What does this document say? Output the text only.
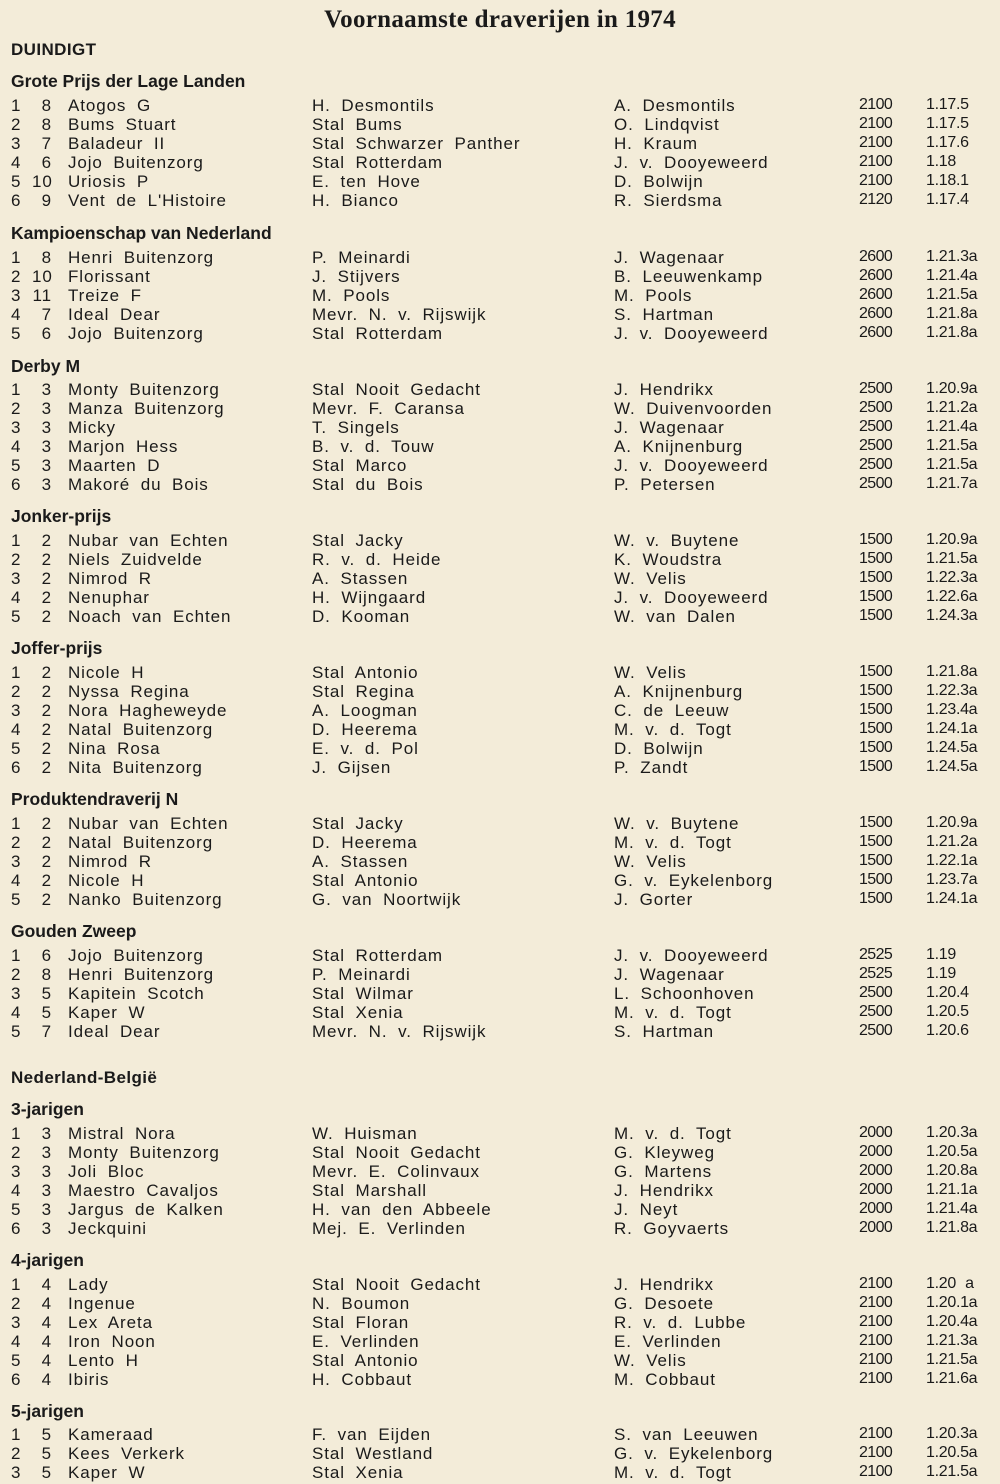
Voornaamste draverijen in 1974
DUINDIGT
Nederland-België
Grote Prijs der Lage Landen
1	8 Atogos G	H. Desmontils	A. Desmontils	2100 1.17.5
2	8 Bums Stuart	Stal Bums	O. Lindqvist	2100 1.17.5
3	7 Baladeur II	Stal Schwarzer Panther	H. Kraum	2100 1.17.6
4	6 Jojo Buitenzorg	Stal Rotterdam	J. v. Dooyeweerd	2100 1.18
5 10 Uriosis P	E. ten Hove	D. Bolwijn	2100 1.18.1
6	9 Vent de L'Histoire	H. Bianco	R. Sierdsma	2120 1.17.4
Kampioenschap van Nederland
1	8 Henri Buitenzorg	P. Meinardi	J. Wagenaar	2600 1.21.3a
2 10 Florissant	J. Stijvers	B. Leeuwenkamp	2600 1.21.4a
3 11 Treize F	M. Pools	M. Pools	2600 1.21.5a
4	7 Ideal Dear	Mevr. N. v. Rijswijk	S. Hartman	2600 1.21.8a
5	6 Jojo Buitenzorg	Stal Rotterdam	J. v. Dooyeweerd	2600 1.21.8a
Derby M
1	3 Monty Buitenzorg	Stal Nooit Gedacht	J. Hendrikx	2500 1.20.9a
2	3 Manza Buitenzorg	Mevr. F. Caransa	W. Duivenvoorden	2500 1.21.2a
3	3 Micky	T. Singels	J. Wagenaar	2500 1.21.4a
4	3 Marjon Hess	B. v. d. Touw	A. Knijnenburg	2500 1.21.5a
5	3 Maarten D	Stal Marco	J. v. Dooyeweerd	2500 1.21.5a
6	3 Makoré du Bois	Stal du Bois	P. Petersen	2500 1.21.7a
Jonker-prijs
1	2 Nubar van Echten	Stal Jacky	W. v. Buytene	1500 1.20.9a
2	2 Niels Zuidvelde	R. v. d. Heide	K. Woudstra	1500 1.21.5a
3	2 Nimrod R	A. Stassen	W. Velis	1500 1.22.3a
4	2 Nenuphar	H. Wijngaard	J. v. Dooyeweerd	1500 1.22.6a
5	2 Noach van Echten	D. Kooman	W. van Dalen	1500 1.24.3a
Joffer-prijs
1	2 Nicole H	Stal Antonio	W. Velis	1500 1.21.8a
2	2 Nyssa Regina	Stal Regina	A. Knijnenburg	1500 1.22.3a
3	2 Nora Hagheweyde	A. Loogman	C. de Leeuw	1500 1.23.4a
4	2 Natal Buitenzorg	D. Heerema	M. v. d. Togt	1500 1.24.1a
5	2 Nina Rosa	E. v. d. Pol	D. Bolwijn	1500 1.24.5a
6	2 Nita Buitenzorg	J. Gijsen	P. Zandt	1500 1.24.5a
Produktendraverij N
1	2 Nubar van Echten	Stal Jacky	W. v. Buytene	1500 1.20.9a
2	2 Natal Buitenzorg	D. Heerema	M. v. d. Togt	1500 1.21.2a
3	2 Nimrod R	A. Stassen	W. Velis	1500 1.22.1a
4	2 Nicole H	Stal Antonio	G. v. Eykelenborg	1500 1.23.7a
5	2 Nanko Buitenzorg	G. van Noortwijk	J. Gorter	1500 1.24.1a
Gouden Zweep
1	6 Jojo Buitenzorg	Stal Rotterdam	J. v. Dooyeweerd	2525 1.19
2	8 Henri Buitenzorg	P. Meinardi	J. Wagenaar	2525 1.19
3	5 Kapitein Scotch	Stal Wilmar	L. Schoonhoven	2500 1.20.4
4	5 Kaper W	Stal Xenia	M. v. d. Togt	2500 1.20.5
5	7 Ideal Dear	Mevr. N. v. Rijswijk	S. Hartman	2500 1.20.6
3-jarigen
1	3 Mistral Nora	W. Huisman	M. v. d. Togt	2000 1.20.3a
2	3 Monty Buitenzorg	Stal Nooit Gedacht	G. Kleyweg	2000 1.20.5a
3	3 Joli Bloc	Mevr. E. Colinvaux	G. Martens	2000 1.20.8a
4	3 Maestro Cavaljos	Stal Marshall	J. Hendrikx	2000 1.21.1a
5	3 Jargus de Kalken	H. van den Abbeele	J. Neyt	2000 1.21.4a
6	3 Jeckquini	Mej. E. Verlinden	R. Goyvaerts	2000 1.21.8a
4-jarigen
1	4 Lady	Stal Nooit Gedacht	J. Hendrikx	2100 1.20 a
2	4 Ingenue	N. Boumon	G. Desoete	2100 1.20.1a
3	4 Lex Areta	Stal Floran	R. v. d. Lubbe	2100 1.20.4a
4	4 Iron Noon	E. Verlinden	E. Verlinden	2100 1.21.3a
5	4 Lento H	Stal Antonio	W. Velis	2100 1.21.5a
6	4 Ibiris	H. Cobbaut	M. Cobbaut	2100 1.21.6a
5-jarigen
1	5 Kameraad	F. van Eijden	S. van Leeuwen	2100 1.20.3a
2	5 Kees Verkerk	Stal Westland	G. v. Eykelenborg	2100 1.20.5a
3	5 Kaper W	Stal Xenia	M. v. d. Togt	2100 1.21.5a
